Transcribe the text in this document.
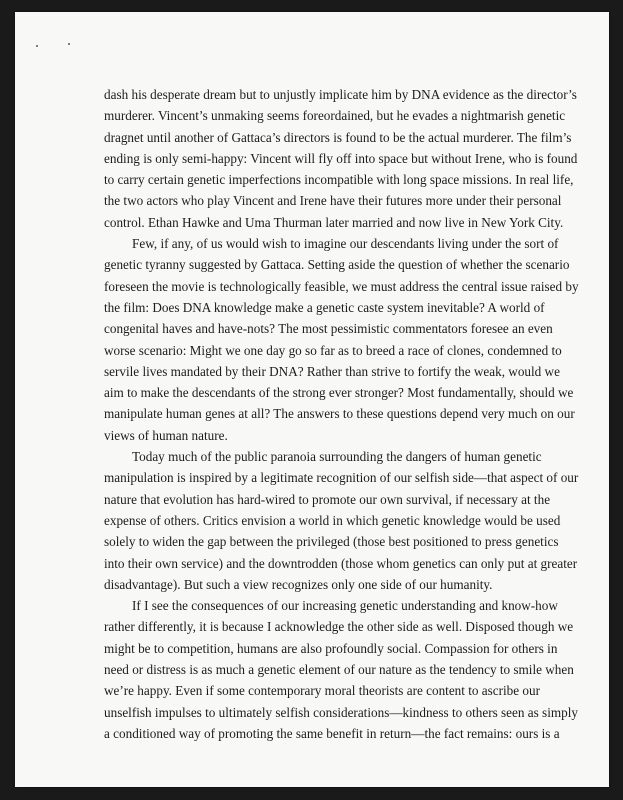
dash his desperate dream but to unjustly implicate him by DNA evidence as the director’s
murderer. Vincent’s unmaking seems foreordained, but he evades a nightmarish genetic
dragnet until another of Gattaca’s directors is found to be the actual murderer. The film’s
ending is only semi-happy: Vincent will fly off into space but without Irene, who is found
to carry certain genetic imperfections incompatible with long space missions. In real life,
the two actors who play Vincent and Irene have their futures more under their personal
control. Ethan Hawke and Uma Thurman later married and now live in New York City.
Few, if any, of us would wish to imagine our descendants living under the sort of
genetic tyranny suggested by Gattaca. Setting aside the question of whether the scenario
foreseen the movie is technologically feasible, we must address the central issue raised by
the film: Does DNA knowledge make a genetic caste system inevitable? A world of
congenital haves and have-nots? The most pessimistic commentators foresee an even
worse scenario: Might we one day go so far as to breed a race of clones, condemned to
servile lives mandated by their DNA? Rather than strive to fortify the weak, would we
aim to make the descendants of the strong ever stronger? Most fundamentally, should we
manipulate human genes at all? The answers to these questions depend very much on our
views of human nature.
Today much of the public paranoia surrounding the dangers of human genetic
manipulation is inspired by a legitimate recognition of our selfish side—that aspect of our
nature that evolution has hard-wired to promote our own survival, if necessary at the
expense of others. Critics envision a world in which genetic knowledge would be used
solely to widen the gap between the privileged (those best positioned to press genetics
into their own service) and the downtrodden (those whom genetics can only put at greater
disadvantage). But such a view recognizes only one side of our humanity.
If I see the consequences of our increasing genetic understanding and know-how
rather differently, it is because I acknowledge the other side as well. Disposed though we
might be to competition, humans are also profoundly social. Compassion for others in
need or distress is as much a genetic element of our nature as the tendency to smile when
we’re happy. Even if some contemporary moral theorists are content to ascribe our
unselfish impulses to ultimately selfish considerations—kindness to others seen as simply
a conditioned way of promoting the same benefit in return—the fact remains: ours is a
